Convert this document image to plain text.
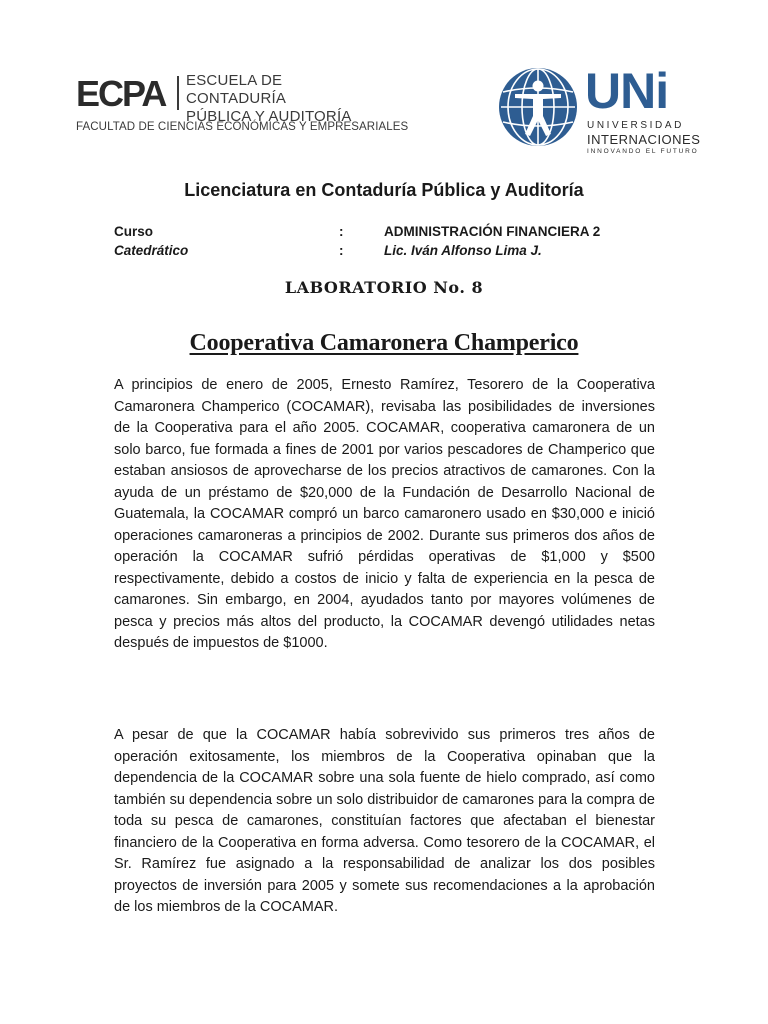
ECPA ESCUELA DE CONTADURÍA
PÚBLICA Y AUDITORÍA
FACULTAD DE CIENCIAS ECONÓMICAS Y EMPRESARIALES
UNi
UNIVERSIDAD
INTERNACIONES
INNOVANDO EL FUTURO
Licenciatura en Contaduría Pública y Auditoría
Curso	:	ADMINISTRACIÓN FINANCIERA 2
Catedrático	:	Lic. Iván Alfonso Lima J.
LABORATORIO No. 8
Cooperativa Camaronera Champerico

A principios de enero de 2005, Ernesto Ramírez, Tesorero de la Cooperativa Camaronera Champerico (COCAMAR), revisaba las posibilidades de inversiones de la Cooperativa para el año 2005. COCAMAR, cooperativa camaronera de un solo barco, fue formada a fines de 2001 por varios pescadores de Champerico que estaban ansiosos de aprovecharse de los precios atractivos de camarones. Con la ayuda de un préstamo de $20,000 de la Fundación de Desarrollo Nacional de Guatemala, la COCAMAR compró un barco camaronero usado en $30,000 e inició operaciones camaroneras a principios de 2002. Durante sus primeros dos años de operación la COCAMAR sufrió pérdidas operativas de $1,000 y $500 respectivamente, debido a costos de inicio y falta de experiencia en la pesca de camarones. Sin embargo, en 2004, ayudados tanto por mayores volúmenes de pesca y precios más altos del producto, la COCAMAR devengó utilidades netas después de impuestos de $1000.

A pesar de que la COCAMAR había sobrevivido sus primeros tres años de operación exitosamente, los miembros de la Cooperativa opinaban que la dependencia de la COCAMAR sobre una sola fuente de hielo comprado, así como también su dependencia sobre un solo distribuidor de camarones para la compra de toda su pesca de camarones, constituían factores que afectaban el bienestar financiero de la Cooperativa en forma adversa. Como tesorero de la COCAMAR, el Sr. Ramírez fue asignado a la responsabilidad de analizar los dos posibles proyectos de inversión para 2005 y somete sus recomendaciones a la aprobación de los miembros de la COCAMAR.
